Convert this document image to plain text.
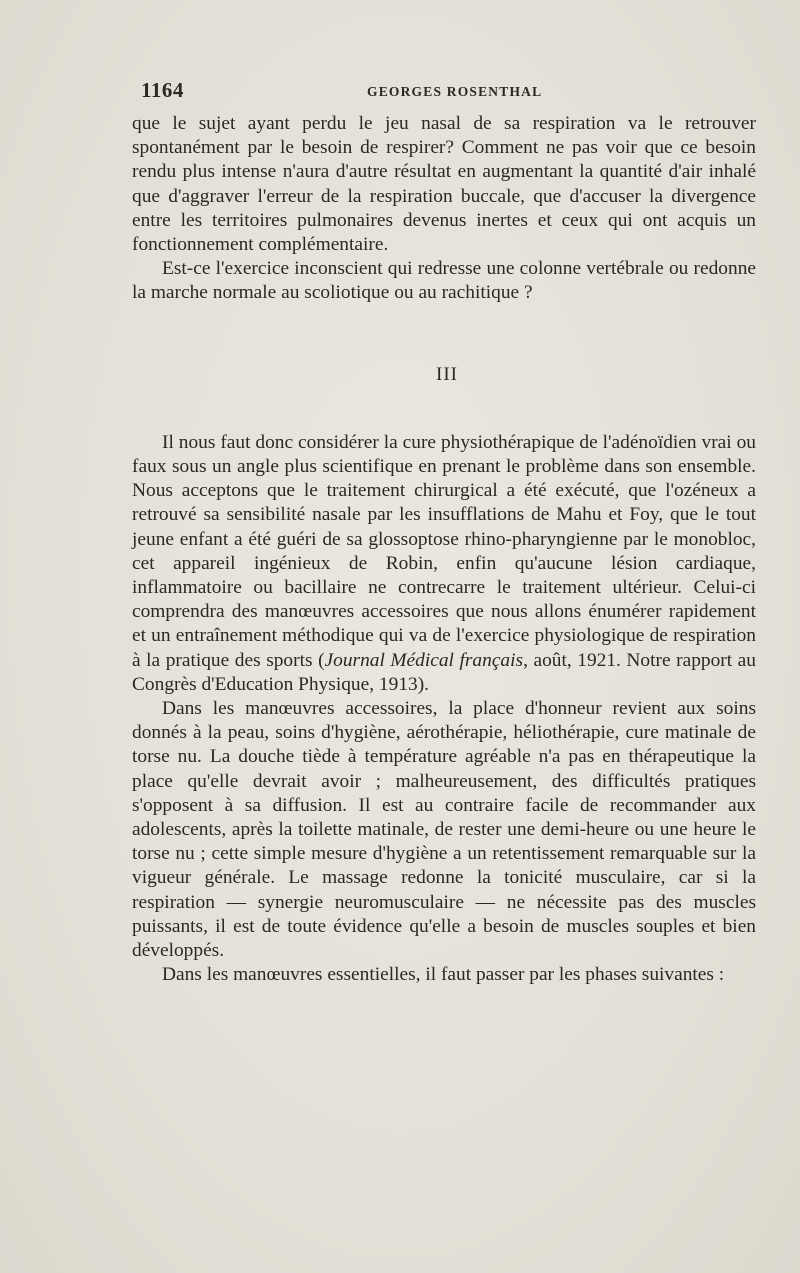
1164	GEORGES ROSENTHAL

que le sujet ayant perdu le jeu nasal de sa respiration va le retrouver spontanément par le besoin de respirer? Comment ne pas voir que ce besoin rendu plus intense n'aura d'autre résultat en augmentant la quantité d'air inhalé que d'aggraver l'erreur de la respiration buccale, que d'accuser la divergence entre les territoires pulmonaires devenus inertes et ceux qui ont acquis un fonctionnement complémentaire.

Est-ce l'exercice inconscient qui redresse une colonne vertébrale ou redonne la marche normale au scoliotique ou au rachitique ?

III

Il nous faut donc considérer la cure physiothérapique de l'adénoïdien vrai ou faux sous un angle plus scientifique en prenant le problème dans son ensemble. Nous acceptons que le traitement chirurgical a été exécuté, que l'ozéneux a retrouvé sa sensibilité nasale par les insufflations de Mahu et Foy, que le tout jeune enfant a été guéri de sa glossoptose rhino-pharyngienne par le monobloc, cet appareil ingénieux de Robin, enfin qu'aucune lésion cardiaque, inflammatoire ou bacillaire ne contrecarre le traitement ultérieur. Celui-ci comprendra des manœuvres accessoires que nous allons énumérer rapidement et un entraînement méthodique qui va de l'exercice physiologique de respiration à la pratique des sports (Journal Médical français, août, 1921. Notre rapport au Congrès d'Education Physique, 1913).

Dans les manœuvres accessoires, la place d'honneur revient aux soins donnés à la peau, soins d'hygiène, aérothérapie, héliothérapie, cure matinale de torse nu. La douche tiède à température agréable n'a pas en thérapeutique la place qu'elle devrait avoir ; malheureusement, des difficultés pratiques s'opposent à sa diffusion. Il est au contraire facile de recommander aux adolescents, après la toilette matinale, de rester une demi-heure ou une heure le torse nu ; cette simple mesure d'hygiène a un retentissement remarquable sur la vigueur générale. Le massage redonne la tonicité musculaire, car si la respiration — synergie neuromusculaire — ne nécessite pas des muscles puissants, il est de toute évidence qu'elle a besoin de muscles souples et bien développés.

Dans les manœuvres essentielles, il faut passer par les phases suivantes :
